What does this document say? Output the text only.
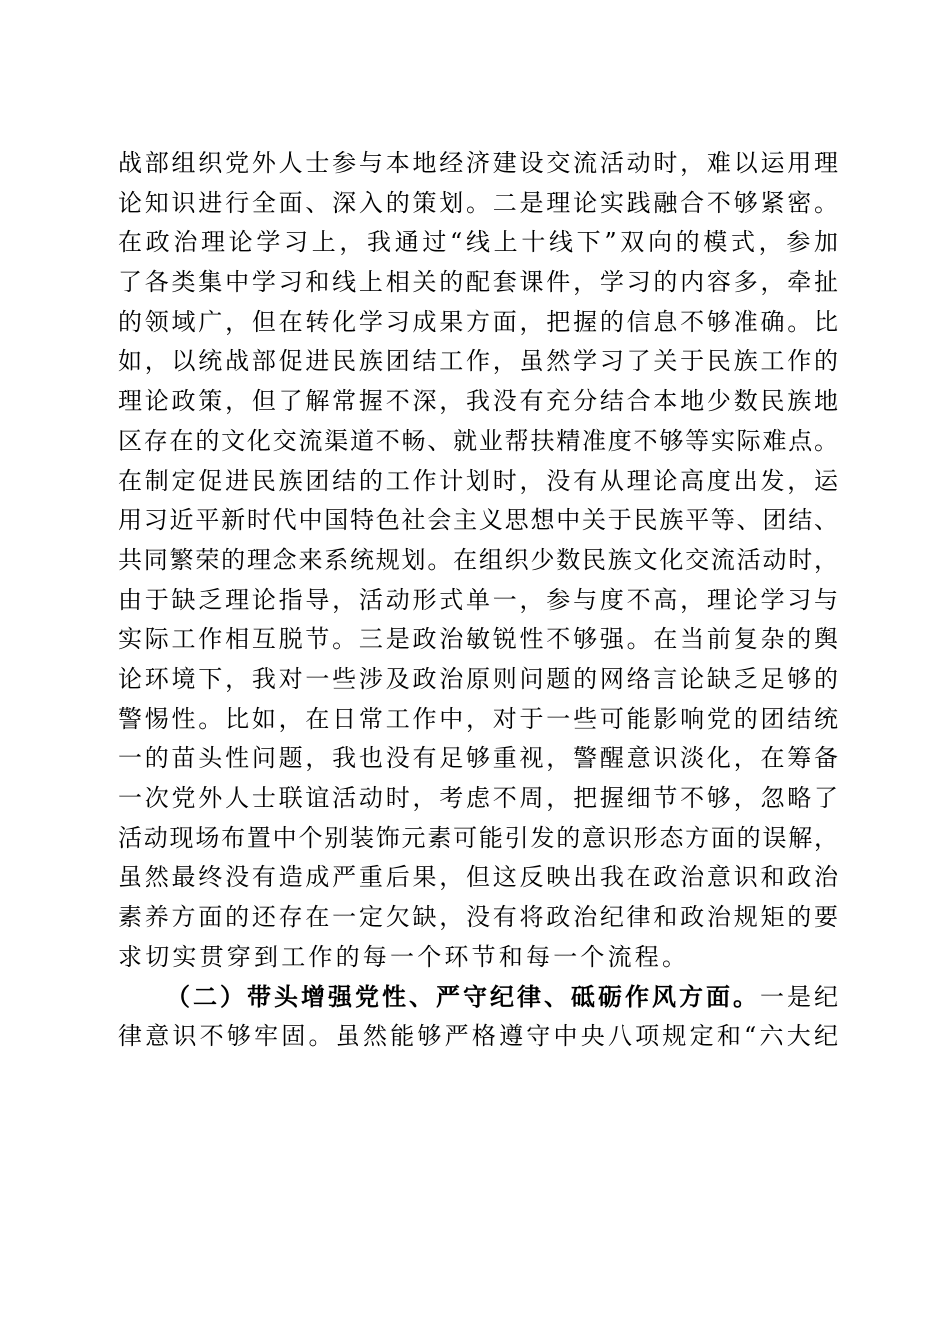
战部组织党外人士参与本地经济建设交流活动时，难以运用理
论知识进行全面、深入的策划。二是理论实践融合不够紧密。
在政治理论学习上，我通过“线上十线下”双向的模式，参加
了各类集中学习和线上相关的配套课件，学习的内容多，牵扯
的领域广，但在转化学习成果方面，把握的信息不够准确。比
如，以统战部促进民族团结工作，虽然学习了关于民族工作的
理论政策，但了解常握不深，我没有充分结合本地少数民族地
区存在的文化交流渠道不畅、就业帮扶精准度不够等实际难点。
在制定促进民族团结的工作计划时，没有从理论高度出发，运
用习近平新时代中国特色社会主义思想中关于民族平等、团结、
共同繁荣的理念来系统规划。在组织少数民族文化交流活动时，
由于缺乏理论指导，活动形式单一，参与度不高，理论学习与
实际工作相互脱节。三是政治敏锐性不够强。在当前复杂的舆
论环境下，我对一些涉及政治原则问题的网络言论缺乏足够的
警惕性。比如，在日常工作中，对于一些可能影响党的团结统
一的苗头性问题，我也没有足够重视，警醒意识淡化，在筹备
一次党外人士联谊活动时，考虑不周，把握细节不够，忽略了
活动现场布置中个别装饰元素可能引发的意识形态方面的误解，
虽然最终没有造成严重后果，但这反映出我在政治意识和政治
素养方面的还存在一定欠缺，没有将政治纪律和政治规矩的要
求切实贯穿到工作的每一个环节和每一个流程。
（二）带头增强党性、严守纪律、砥砺作风方面。一是纪
律意识不够牢固。虽然能够严格遵守中央八项规定和“六大纪
